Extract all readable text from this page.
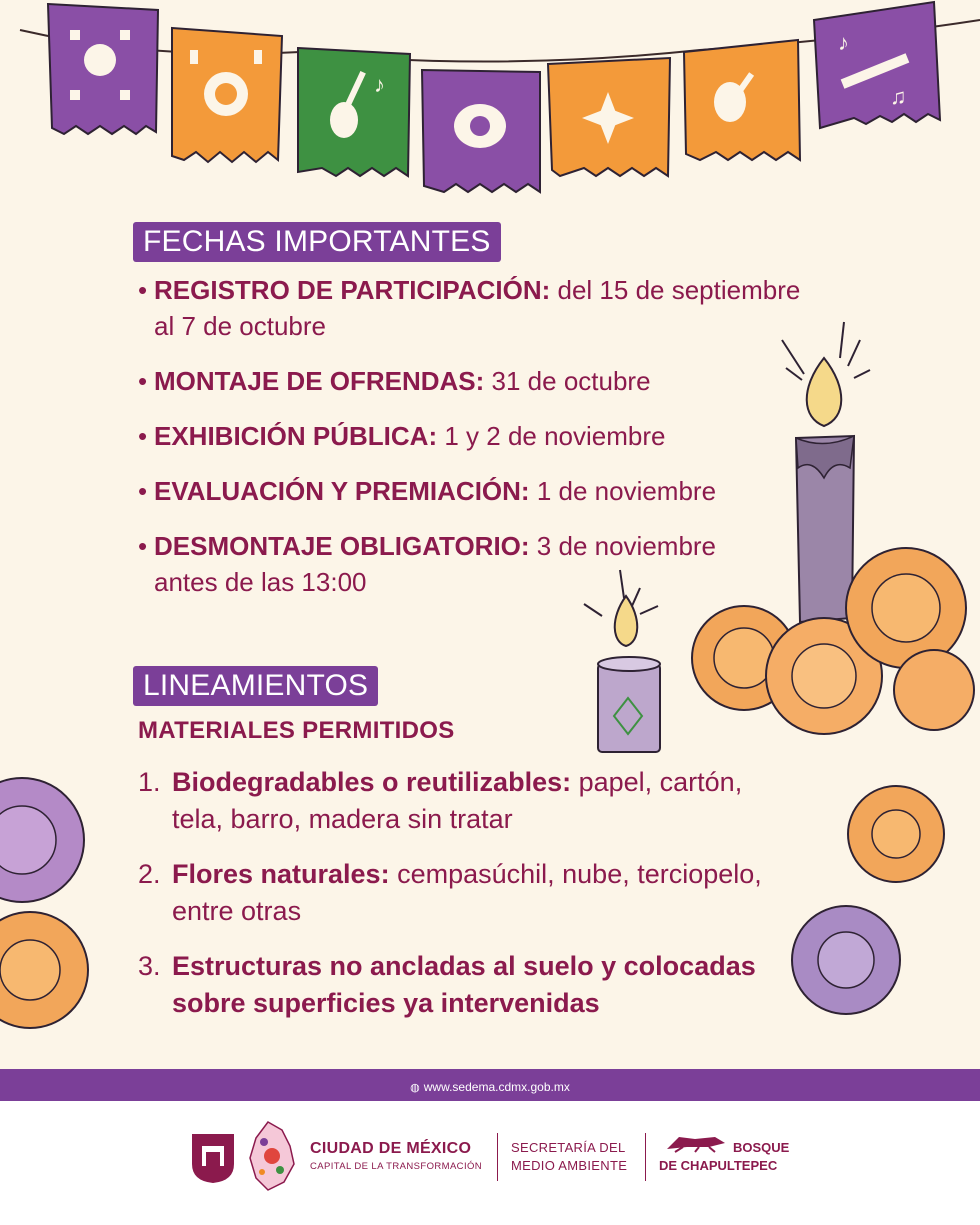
♪
♪
♫
FECHAS IMPORTANTES
• REGISTRO DE PARTICIPACIÓN: del 15 de septiembre
al 7 de octubre
• MONTAJE DE OFRENDAS: 31 de octubre
• EXHIBICIÓN PÚBLICA: 1 y 2 de noviembre
• EVALUACIÓN Y PREMIACIÓN: 1 de noviembre
• DESMONTAJE OBLIGATORIO: 3 de noviembre
antes de las 13:00
LINEAMIENTOS
MATERIALES PERMITIDOS
1. Biodegradables o reutilizables: papel, cartón,
tela, barro, madera sin tratar
2. Flores naturales: cempasúchil, nube, terciopelo,
entre otras
3. Estructuras no ancladas al suelo y colocadas
sobre superficies ya intervenidas
◍ www.sedema.cdmx.gob.mx
CIUDAD DE MÉXICO
CAPITAL DE LA TRANSFORMACIÓN
SECRETARÍA DEL
MEDIO AMBIENTE
BOSQUE
DE CHAPULTEPEC
